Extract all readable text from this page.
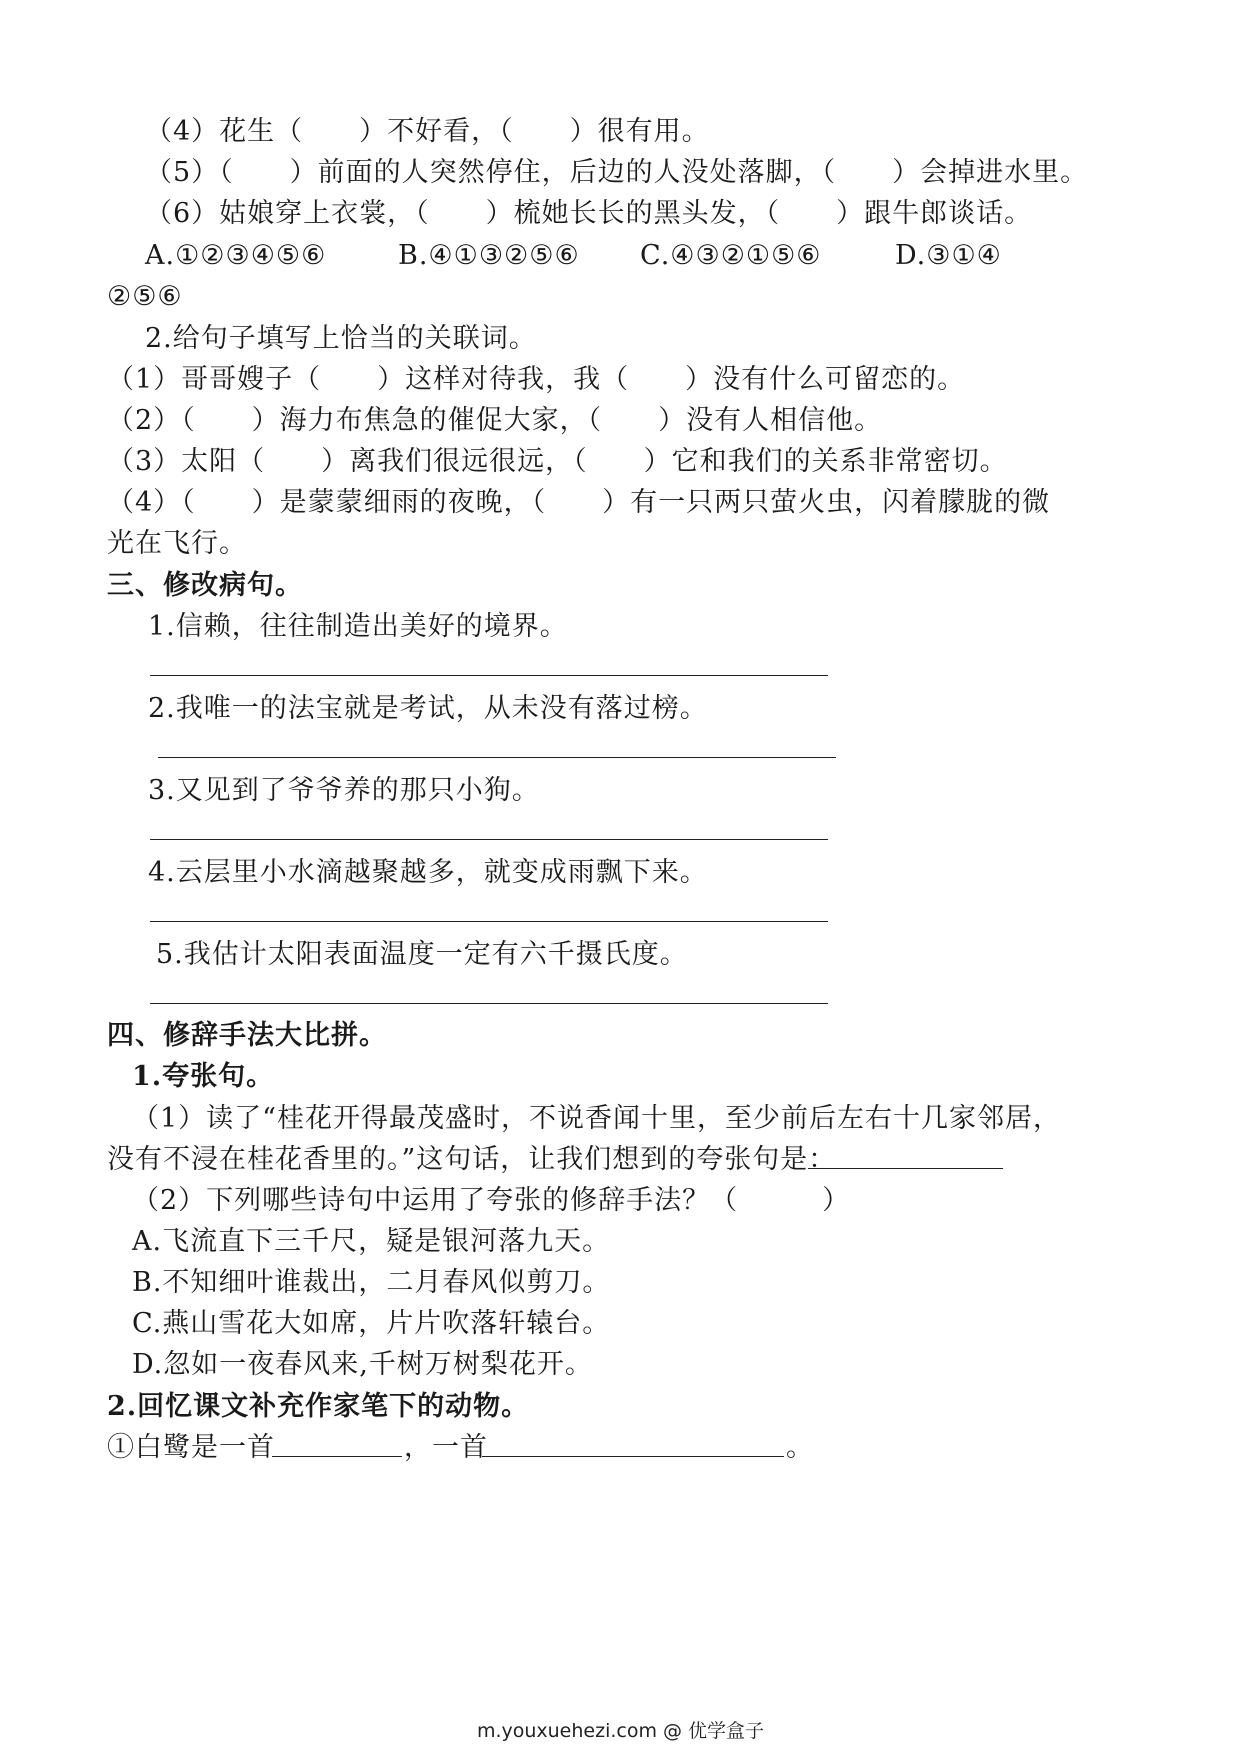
（4）花生（　　）不好看，（　　）很有用。
（5）（　　）前面的人突然停住，后边的人没处落脚，（　　）会掉进水里。
（6）姑娘穿上衣裳，（　　）梳她长长的黑头发，（　　）跟牛郎谈话。
A.①②③④⑤⑥	B.④①③②⑤⑥ C.④③②①⑤⑥	D.③①④
②⑤⑥
2.给句子填写上恰当的关联词。
（1）哥哥嫂子（　　）这样对待我，我（　　）没有什么可留恋的。
（2）（　　）海力布焦急的催促大家，（　　）没有人相信他。
（3）太阳（　　）离我们很远很远，（　　）它和我们的关系非常密切。
（4）（　　）是蒙蒙细雨的夜晚，（　　）有一只两只萤火虫，闪着朦胧的微
光在飞行。
三、修改病句。
1.信赖，往往制造出美好的境界。
2.我唯一的法宝就是考试，从未没有落过榜。
3.又见到了爷爷养的那只小狗。
4.云层里小水滴越聚越多，就变成雨飘下来。
5.我估计太阳表面温度一定有六千摄氏度。
四、修辞手法大比拼。
1.夸张句。
（1）读了“桂花开得最茂盛时，不说香闻十里，至少前后左右十几家邻居，
没有不浸在桂花香里的。”这句话，让我们想到的夸张句是：
（2）下列哪些诗句中运用了夸张的修辞手法？（　　　）
A.飞流直下三千尺，疑是银河落九天。
B.不知细叶谁裁出，二月春风似剪刀。
C.燕山雪花大如席，片片吹落轩辕台。
D.忽如一夜春风来,千树万树梨花开。
2.回忆课文补充作家笔下的动物。
①白鹭是一首	，一首	。
m.youxuehezi.com @ 优学盒子
